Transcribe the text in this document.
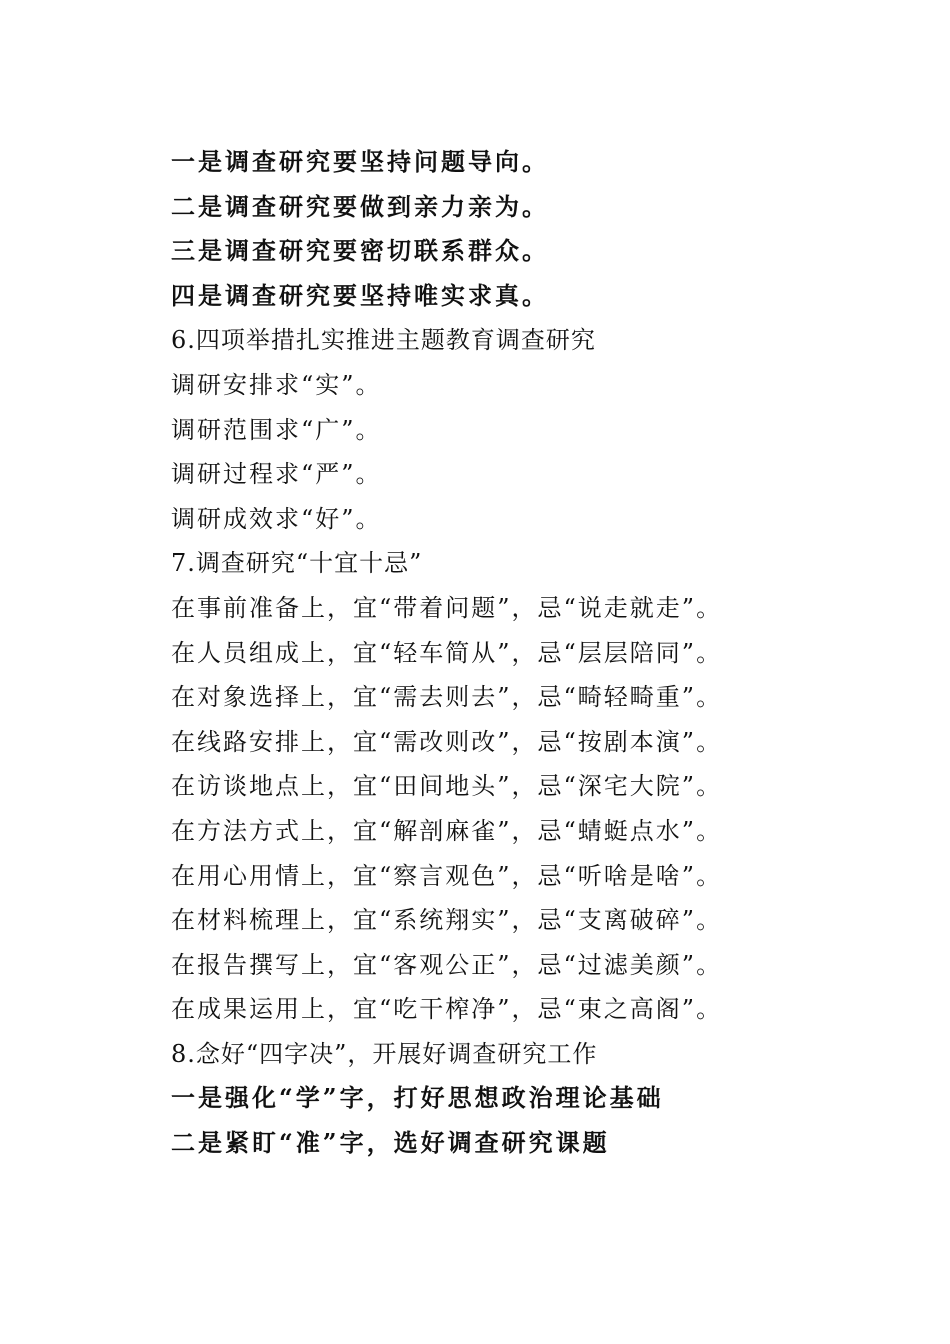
一是调查研究要坚持问题导向。
二是调查研究要做到亲力亲为。
三是调查研究要密切联系群众。
四是调查研究要坚持唯实求真。
6.四项举措扎实推进主题教育调查研究
调研安排求“实”。
调研范围求“广”。
调研过程求“严”。
调研成效求“好”。
7.调查研究“十宜十忌”
在事前准备上，宜“带着问题”，忌“说走就走”。
在人员组成上，宜“轻车简从”，忌“层层陪同”。
在对象选择上，宜“需去则去”，忌“畸轻畸重”。
在线路安排上，宜“需改则改”，忌“按剧本演”。
在访谈地点上，宜“田间地头”，忌“深宅大院”。
在方法方式上，宜“解剖麻雀”，忌“蜻蜓点水”。
在用心用情上，宜“察言观色”，忌“听啥是啥”。
在材料梳理上，宜“系统翔实”，忌“支离破碎”。
在报告撰写上，宜“客观公正”，忌“过滤美颜”。
在成果运用上，宜“吃干榨净”，忌“束之高阁”。
8.念好“四字决”，开展好调查研究工作
一是强化“学”字，打好思想政治理论基础
二是紧盯“准”字，选好调查研究课题
